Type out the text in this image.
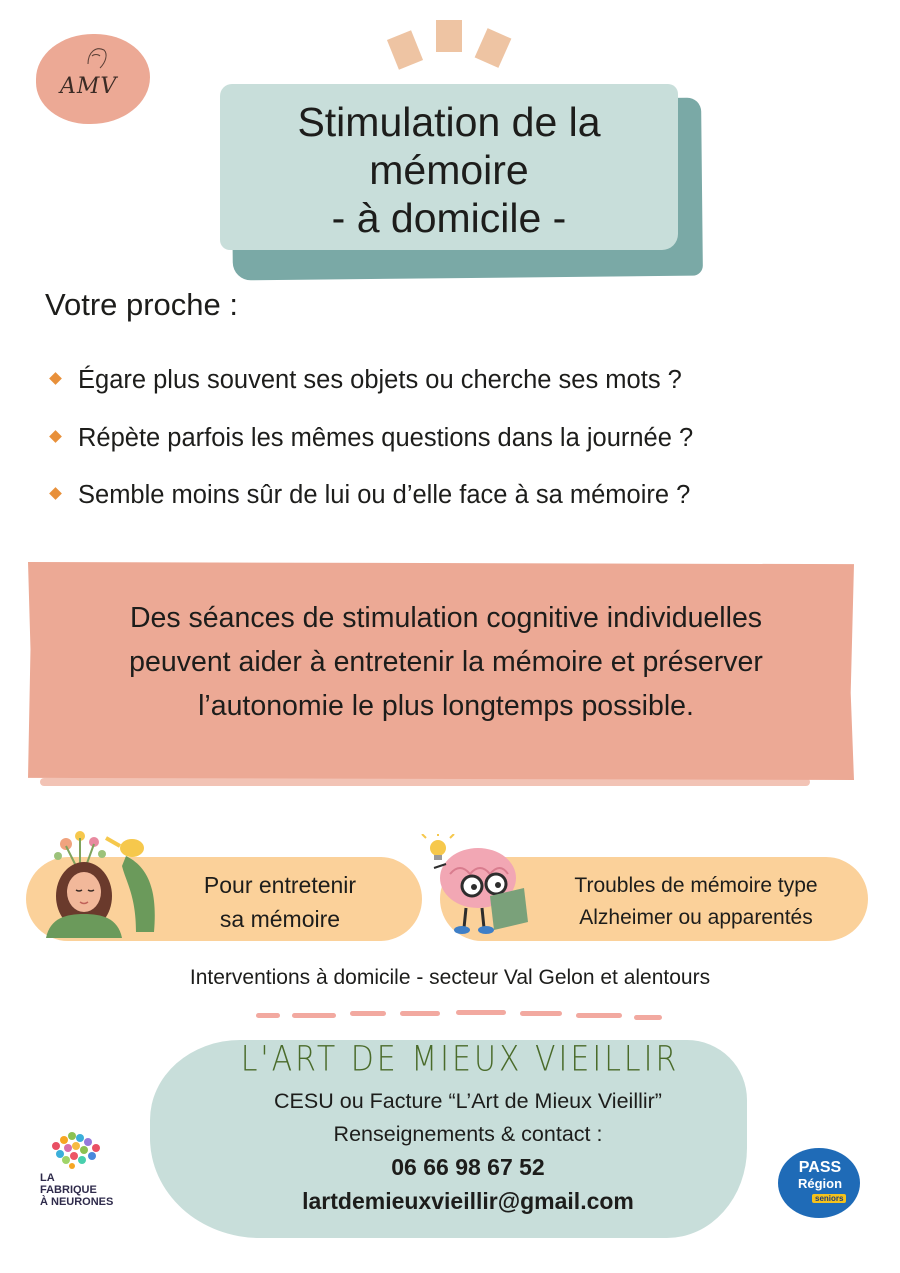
AMV
Stimulation de la
mémoire
- à domicile -
Votre proche :
Égare plus souvent ses objets ou cherche ses mots ?
Répète parfois les mêmes questions dans la journée ?
Semble moins sûr de lui ou d’elle face à sa mémoire ?
Des séances de stimulation cognitive individuelles
peuvent aider à entretenir la mémoire et préserver
l’autonomie le plus longtemps possible.
Pour entretenir
sa mémoire
Troubles de mémoire type
Alzheimer ou apparentés
Interventions à domicile - secteur Val Gelon et alentours
L'ART DE MIEUX VIEILLIR
CESU ou Facture “L’Art de Mieux Vieillir”
Renseignements & contact :
06 66 98 67 52
lartdemieuxvieillir@gmail.com
LA
FABRIQUE
À NEURONES
PASS
Région
seniors
